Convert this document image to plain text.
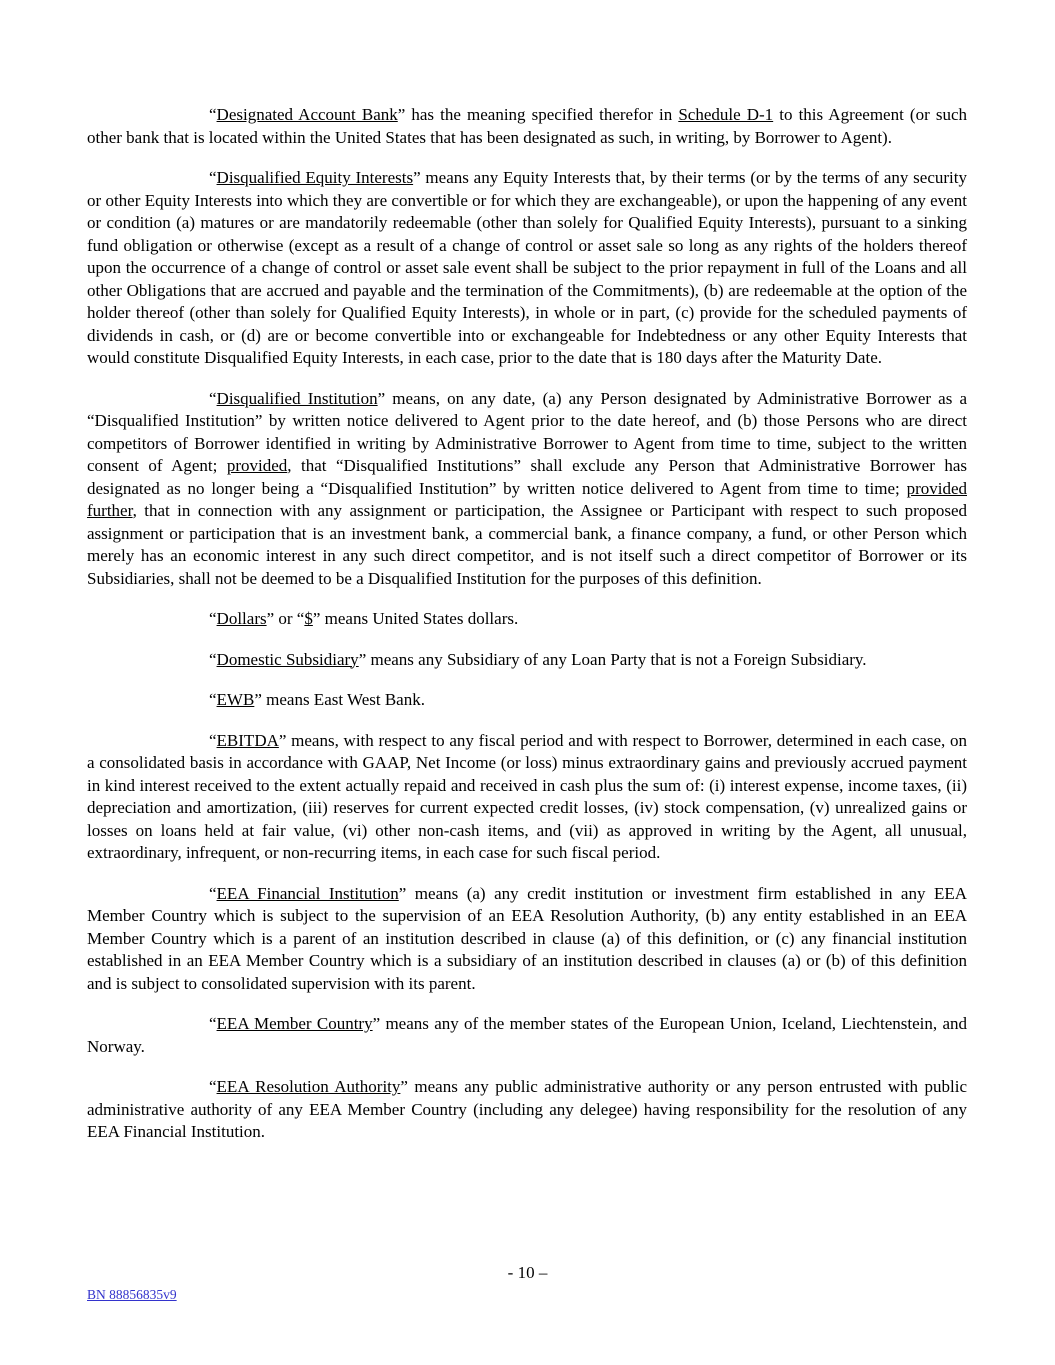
“Designated Account Bank” has the meaning specified therefor in Schedule D-1 to this Agreement (or such other bank that is located within the United States that has been designated as such, in writing, by Borrower to Agent).

“Disqualified Equity Interests” means any Equity Interests that, by their terms (or by the terms of any security or other Equity Interests into which they are convertible or for which they are exchangeable), or upon the happening of any event or condition (a) matures or are mandatorily redeemable (other than solely for Qualified Equity Interests), pursuant to a sinking fund obligation or otherwise (except as a result of a change of control or asset sale so long as any rights of the holders thereof upon the occurrence of a change of control or asset sale event shall be subject to the prior repayment in full of the Loans and all other Obligations that are accrued and payable and the termination of the Commitments), (b) are redeemable at the option of the holder thereof (other than solely for Qualified Equity Interests), in whole or in part, (c) provide for the scheduled payments of dividends in cash, or (d) are or become convertible into or exchangeable for Indebtedness or any other Equity Interests that would constitute Disqualified Equity Interests, in each case, prior to the date that is 180 days after the Maturity Date.

“Disqualified Institution” means, on any date, (a) any Person designated by Administrative Borrower as a “Disqualified Institution” by written notice delivered to Agent prior to the date hereof, and (b) those Persons who are direct competitors of Borrower identified in writing by Administrative Borrower to Agent from time to time, subject to the written consent of Agent; provided, that “Disqualified Institutions” shall exclude any Person that Administrative Borrower has designated as no longer being a “Disqualified Institution” by written notice delivered to Agent from time to time; provided further, that in connection with any assignment or participation, the Assignee or Participant with respect to such proposed assignment or participation that is an investment bank, a commercial bank, a finance company, a fund, or other Person which merely has an economic interest in any such direct competitor, and is not itself such a direct competitor of Borrower or its Subsidiaries, shall not be deemed to be a Disqualified Institution for the purposes of this definition.

“Dollars” or “$” means United States dollars.

“Domestic Subsidiary” means any Subsidiary of any Loan Party that is not a Foreign Subsidiary.

“EWB” means East West Bank.

“EBITDA” means, with respect to any fiscal period and with respect to Borrower, determined in each case, on a consolidated basis in accordance with GAAP, Net Income (or loss) minus extraordinary gains and previously accrued payment in kind interest received to the extent actually repaid and received in cash plus the sum of: (i) interest expense, income taxes, (ii) depreciation and amortization, (iii) reserves for current expected credit losses, (iv) stock compensation, (v) unrealized gains or losses on loans held at fair value, (vi) other non-cash items, and (vii) as approved in writing by the Agent, all unusual, extraordinary, infrequent, or non-recurring items, in each case for such fiscal period.

“EEA Financial Institution” means (a) any credit institution or investment firm established in any EEA Member Country which is subject to the supervision of an EEA Resolution Authority, (b) any entity established in an EEA Member Country which is a parent of an institution described in clause (a) of this definition, or (c) any financial institution established in an EEA Member Country which is a subsidiary of an institution described in clauses (a) or (b) of this definition and is subject to consolidated supervision with its parent.

“EEA Member Country” means any of the member states of the European Union, Iceland, Liechtenstein, and Norway.

“EEA Resolution Authority” means any public administrative authority or any person entrusted with public administrative authority of any EEA Member Country (including any delegee) having responsibility for the resolution of any EEA Financial Institution.

- 10 –
BN 88856835v9
